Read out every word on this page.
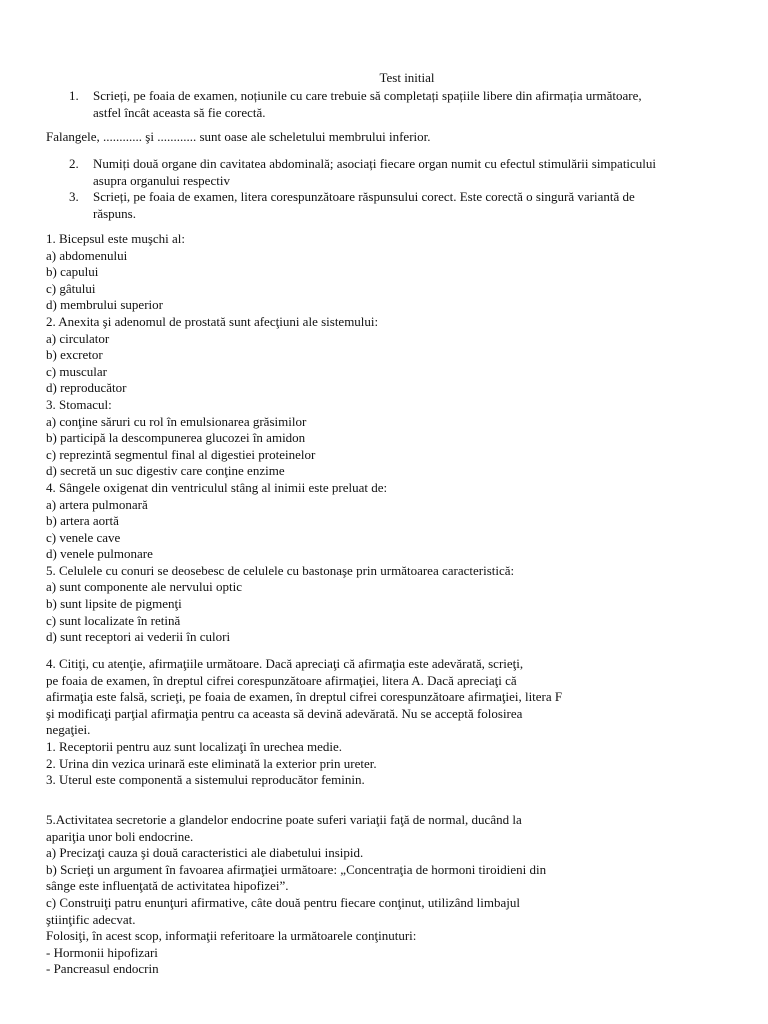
Test initial
1.	Scrieți, pe foaia de examen, noțiunile cu care trebuie să completați spațiile libere din afirmația următoare,
astfel încât aceasta să fie corectă.
Falangele, ............ şi ............ sunt oase ale scheletului membrului inferior.
2.	Numiți două organe din cavitatea abdominală; asociați fiecare organ numit cu efectul stimulării simpaticului
asupra organului respectiv
3.	Scrieți, pe foaia de examen, litera corespunzătoare răspunsului corect. Este corectă o singură variantă de
răspuns.
1. Bicepsul este muşchi al:
a) abdomenului
b) capului
c) gâtului
d) membrului superior
2. Anexita şi adenomul de prostată sunt afecţiuni ale sistemului:
a) circulator
b) excretor
c) muscular
d) reproducător
3. Stomacul:
a) conţine săruri cu rol în emulsionarea grăsimilor
b) participă la descompunerea glucozei în amidon
c) reprezintă segmentul final al digestiei proteinelor
d) secretă un suc digestiv care conţine enzime
4. Sângele oxigenat din ventriculul stâng al inimii este preluat de:
a) artera pulmonară
b) artera aortă
c) venele cave
d) venele pulmonare
5. Celulele cu conuri se deosebesc de celulele cu bastonaşe prin următoarea caracteristică:
a) sunt componente ale nervului optic
b) sunt lipsite de pigmenţi
c) sunt localizate în retină
d) sunt receptori ai vederii în culori
4. Citiţi, cu atenţie, afirmaţiile următoare. Dacă apreciaţi că afirmaţia este adevărată, scrieţi,
pe foaia de examen, în dreptul cifrei corespunzătoare afirmaţiei, litera A. Dacă apreciaţi că
afirmaţia este falsă, scrieţi, pe foaia de examen, în dreptul cifrei corespunzătoare afirmaţiei, litera F
şi modificaţi parţial afirmaţia pentru ca aceasta să devină adevărată. Nu se acceptă folosirea
negaţiei.
1. Receptorii pentru auz sunt localizaţi în urechea medie.
2. Urina din vezica urinară este eliminată la exterior prin ureter.
3. Uterul este componentă a sistemului reproducător feminin.
5.Activitatea secretorie a glandelor endocrine poate suferi variaţii faţă de normal, ducând la
apariţia unor boli endocrine.
a) Precizaţi cauza şi două caracteristici ale diabetului insipid.
b) Scrieţi un argument în favoarea afirmaţiei următoare: „Concentraţia de hormoni tiroidieni din
sânge este influenţată de activitatea hipofizei”.
c) Construiţi patru enunţuri afirmative, câte două pentru fiecare conţinut, utilizând limbajul
ştiinţific adecvat.
Folosiţi, în acest scop, informaţii referitoare la următoarele conţinuturi:
- Hormonii hipofizari
- Pancreasul endocrin
